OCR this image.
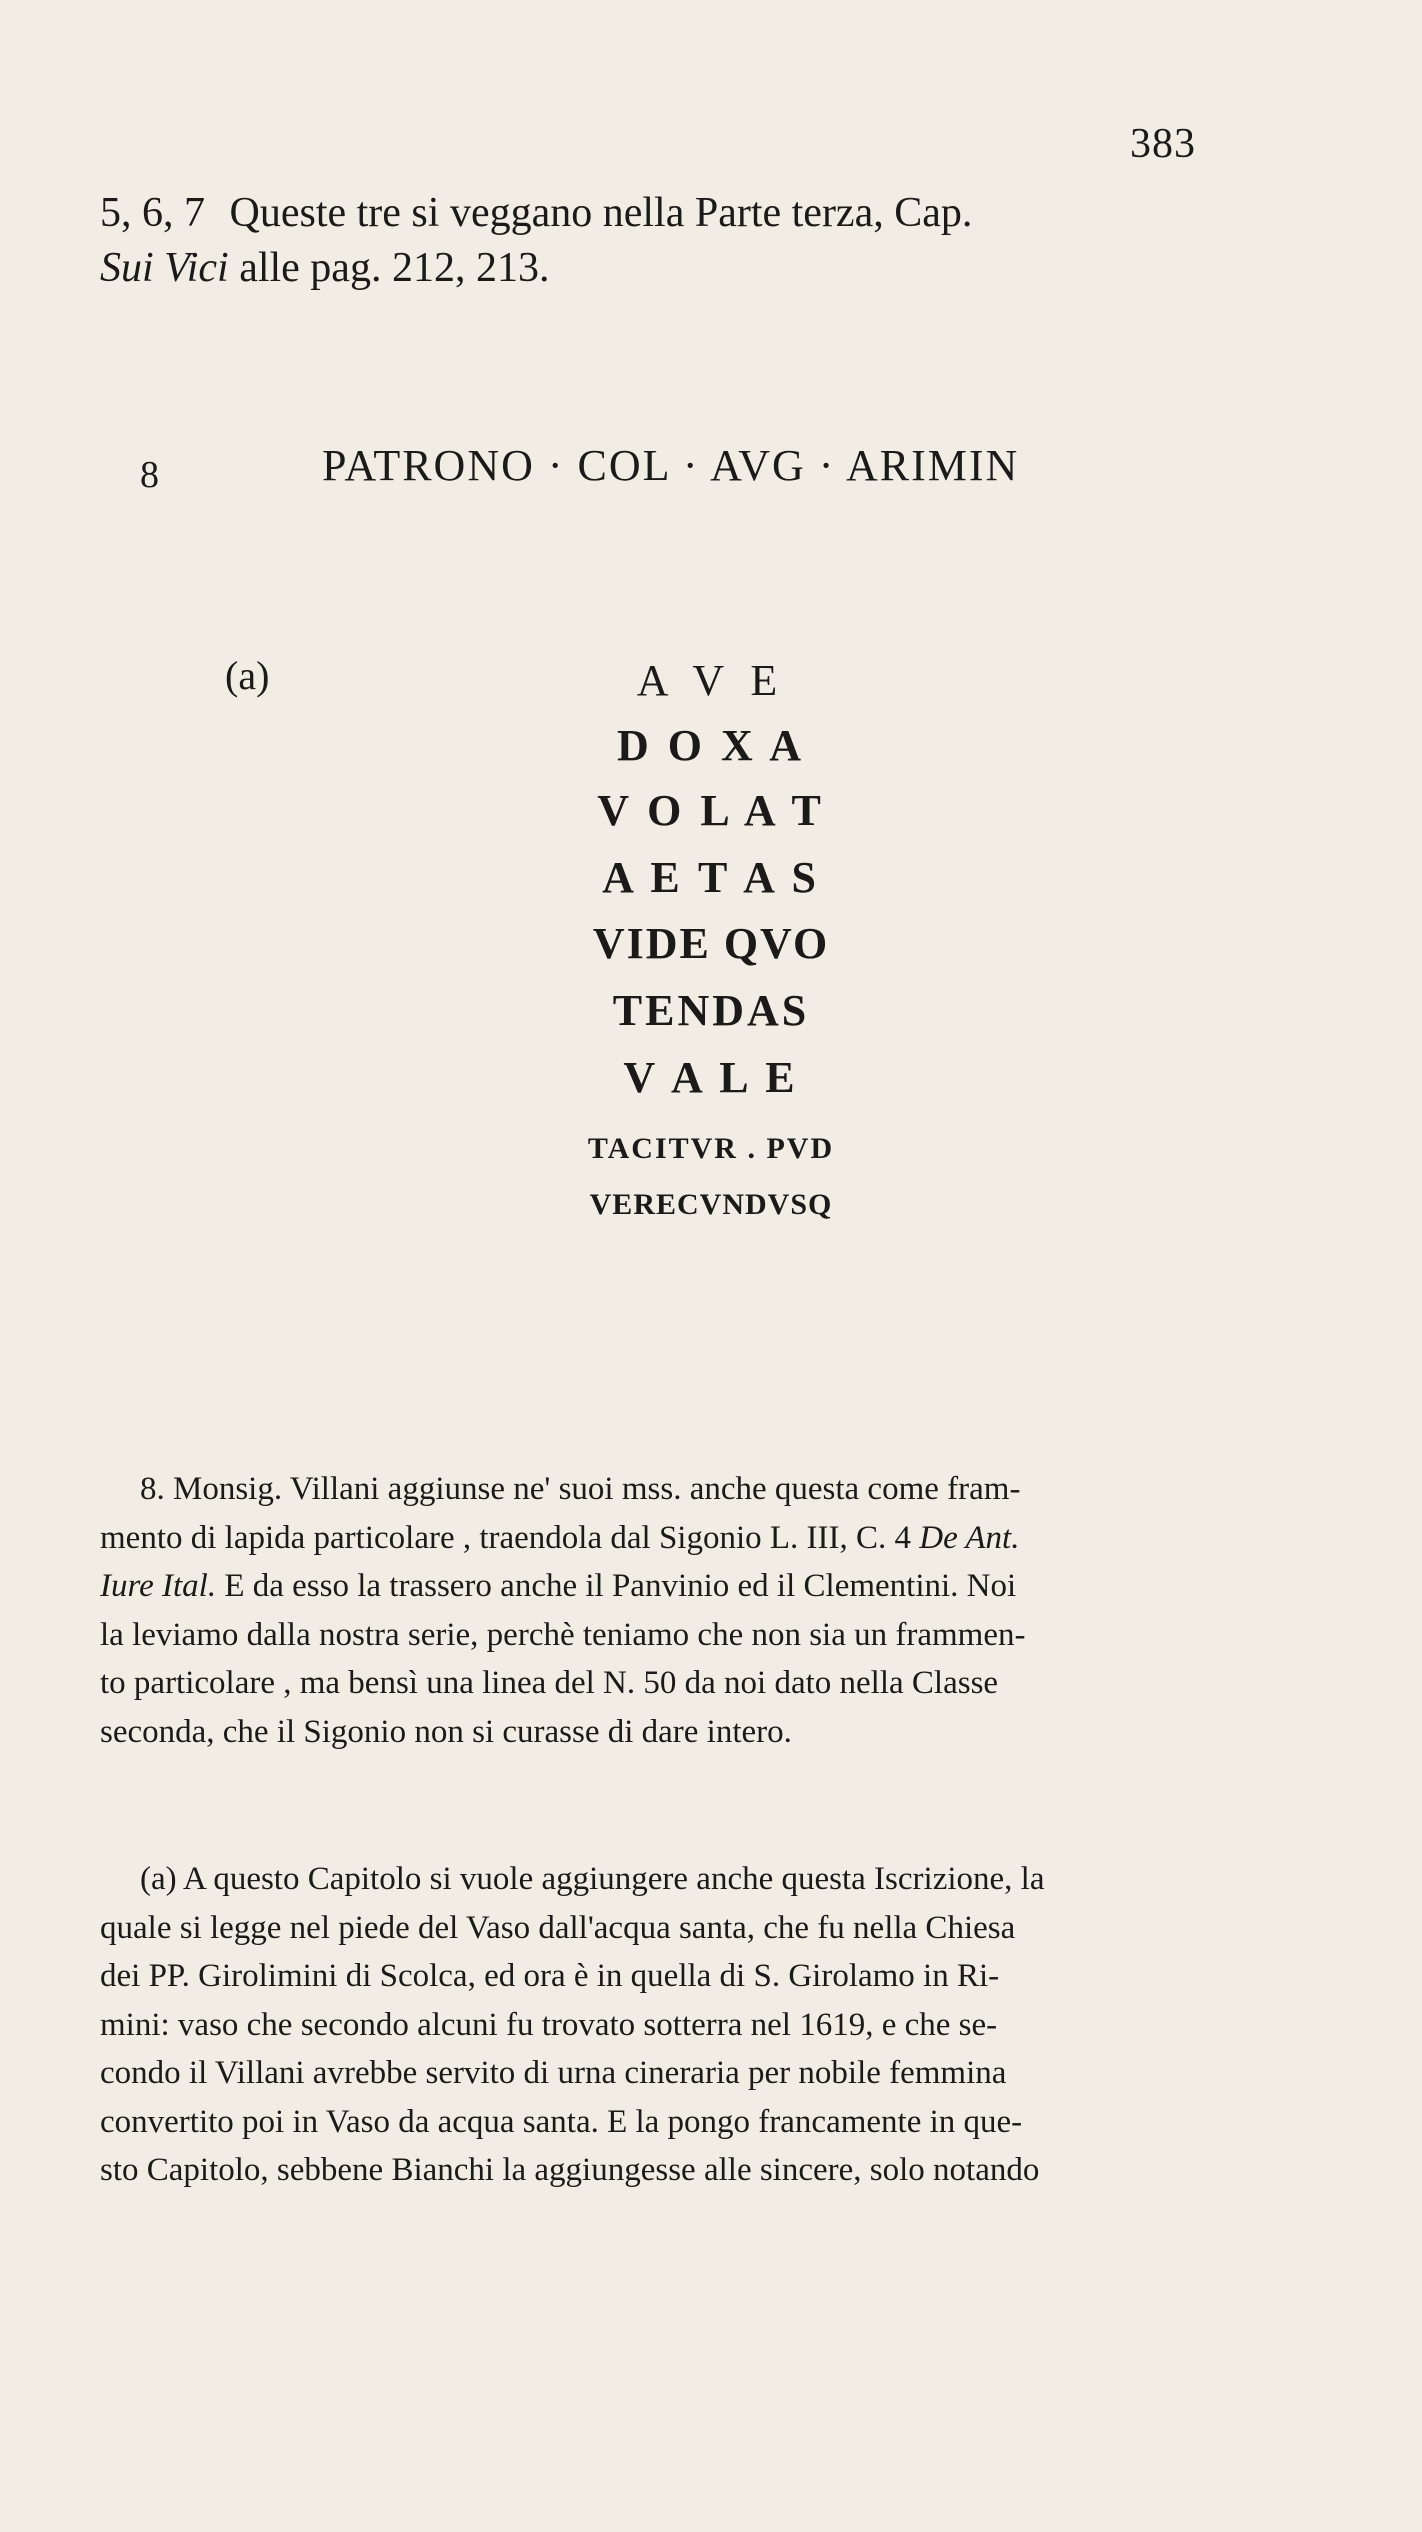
383
5, 6, 7 Queste tre si veggano nella Parte terza, Cap.
Sui Vici alle pag. 212, 213.
8	PATRONO · COL · AVG · ARIMIN
(a)	A V E
D O X A
V O L A T
A E T A S
VIDE QVO
TENDAS
V A L E
TACITVR . PVD
VERECVNDVSQ
8. Monsig. Villani aggiunse ne' suoi mss. anche questa come fram-
mento di lapida particolare , traendola dal Sigonio L. III, C. 4 De Ant.
Iure Ital. E da esso la trassero anche il Panvinio ed il Clementini. Noi
la leviamo dalla nostra serie, perchè teniamo che non sia un frammen-
to particolare , ma bensì una linea del N. 50 da noi dato nella Classe
seconda, che il Sigonio non si curasse di dare intero.
(a) A questo Capitolo si vuole aggiungere anche questa Iscrizione, la
quale si legge nel piede del Vaso dall'acqua santa, che fu nella Chiesa
dei PP. Girolimini di Scolca, ed ora è in quella di S. Girolamo in Ri-
mini: vaso che secondo alcuni fu trovato sotterra nel 1619, e che se-
condo il Villani avrebbe servito di urna cineraria per nobile femmina
convertito poi in Vaso da acqua santa. E la pongo francamente in que-
sto Capitolo, sebbene Bianchi la aggiungesse alle sincere, solo notando
